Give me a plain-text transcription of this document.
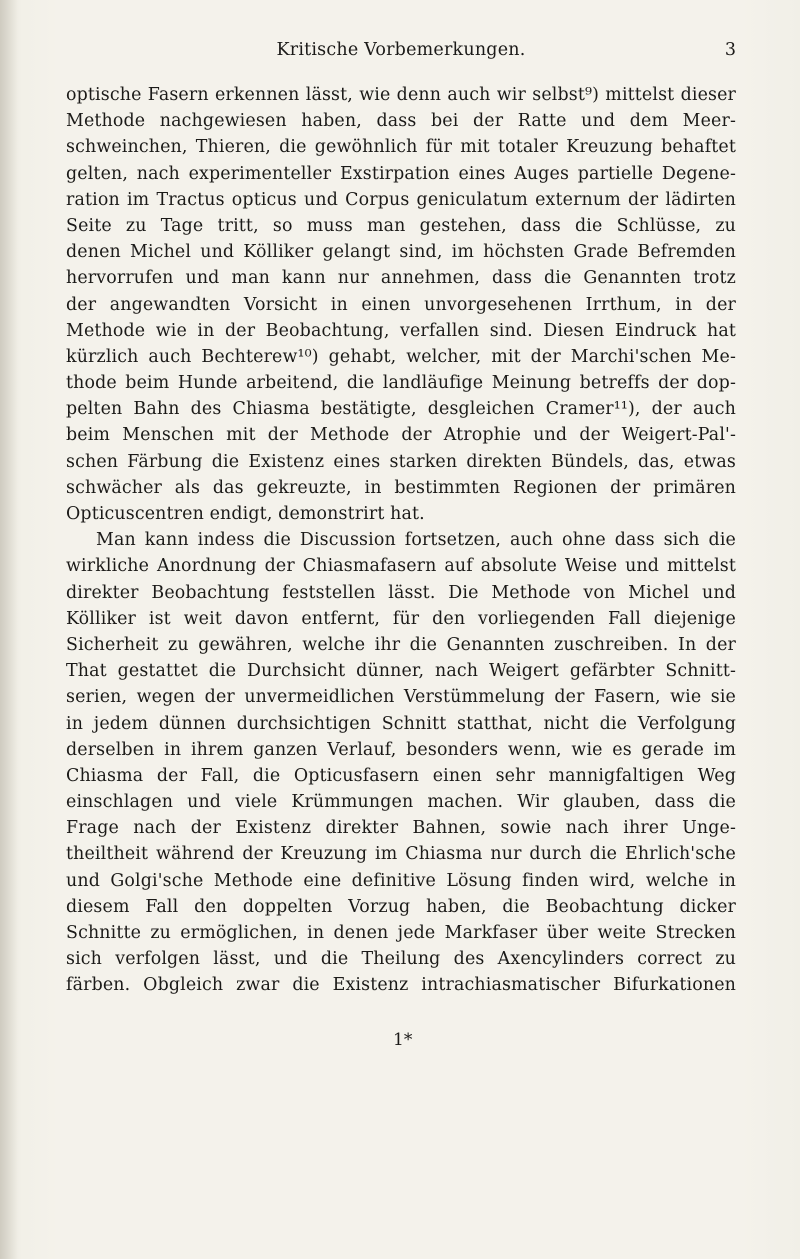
Kritische Vorbemerkungen.	3
optische Fasern erkennen lässt, wie denn auch wir selbst⁹) mittelst dieser
Methode nachgewiesen haben, dass bei der Ratte und dem Meer-
schweinchen, Thieren, die gewöhnlich für mit totaler Kreuzung behaftet
gelten, nach experimenteller Exstirpation eines Auges partielle Degene-
ration im Tractus opticus und Corpus geniculatum externum der lädirten
Seite zu Tage tritt, so muss man gestehen, dass die Schlüsse, zu
denen Michel und Kölliker gelangt sind, im höchsten Grade Befremden
hervorrufen und man kann nur annehmen, dass die Genannten trotz
der angewandten Vorsicht in einen unvorgesehenen Irrthum, in der
Methode wie in der Beobachtung, verfallen sind. Diesen Eindruck hat
kürzlich auch Bechterew¹⁰) gehabt, welcher, mit der Marchi'schen Me-
thode beim Hunde arbeitend, die landläufige Meinung betreffs der dop-
pelten Bahn des Chiasma bestätigte, desgleichen Cramer¹¹), der auch
beim Menschen mit der Methode der Atrophie und der Weigert-Pal'-
schen Färbung die Existenz eines starken direkten Bündels, das, etwas
schwächer als das gekreuzte, in bestimmten Regionen der primären
Opticuscentren endigt, demonstrirt hat.
Man kann indess die Discussion fortsetzen, auch ohne dass sich die
wirkliche Anordnung der Chiasmafasern auf absolute Weise und mittelst
direkter Beobachtung feststellen lässt. Die Methode von Michel und
Kölliker ist weit davon entfernt, für den vorliegenden Fall diejenige
Sicherheit zu gewähren, welche ihr die Genannten zuschreiben. In der
That gestattet die Durchsicht dünner, nach Weigert gefärbter Schnitt-
serien, wegen der unvermeidlichen Verstümmelung der Fasern, wie sie
in jedem dünnen durchsichtigen Schnitt statthat, nicht die Verfolgung
derselben in ihrem ganzen Verlauf, besonders wenn, wie es gerade im
Chiasma der Fall, die Opticusfasern einen sehr mannigfaltigen Weg
einschlagen und viele Krümmungen machen. Wir glauben, dass die
Frage nach der Existenz direkter Bahnen, sowie nach ihrer Unge-
theiltheit während der Kreuzung im Chiasma nur durch die Ehrlich'sche
und Golgi'sche Methode eine definitive Lösung finden wird, welche in
diesem Fall den doppelten Vorzug haben, die Beobachtung dicker
Schnitte zu ermöglichen, in denen jede Markfaser über weite Strecken
sich verfolgen lässt, und die Theilung des Axencylinders correct zu
färben. Obgleich zwar die Existenz intrachiasmatischer Bifurkationen
1*
